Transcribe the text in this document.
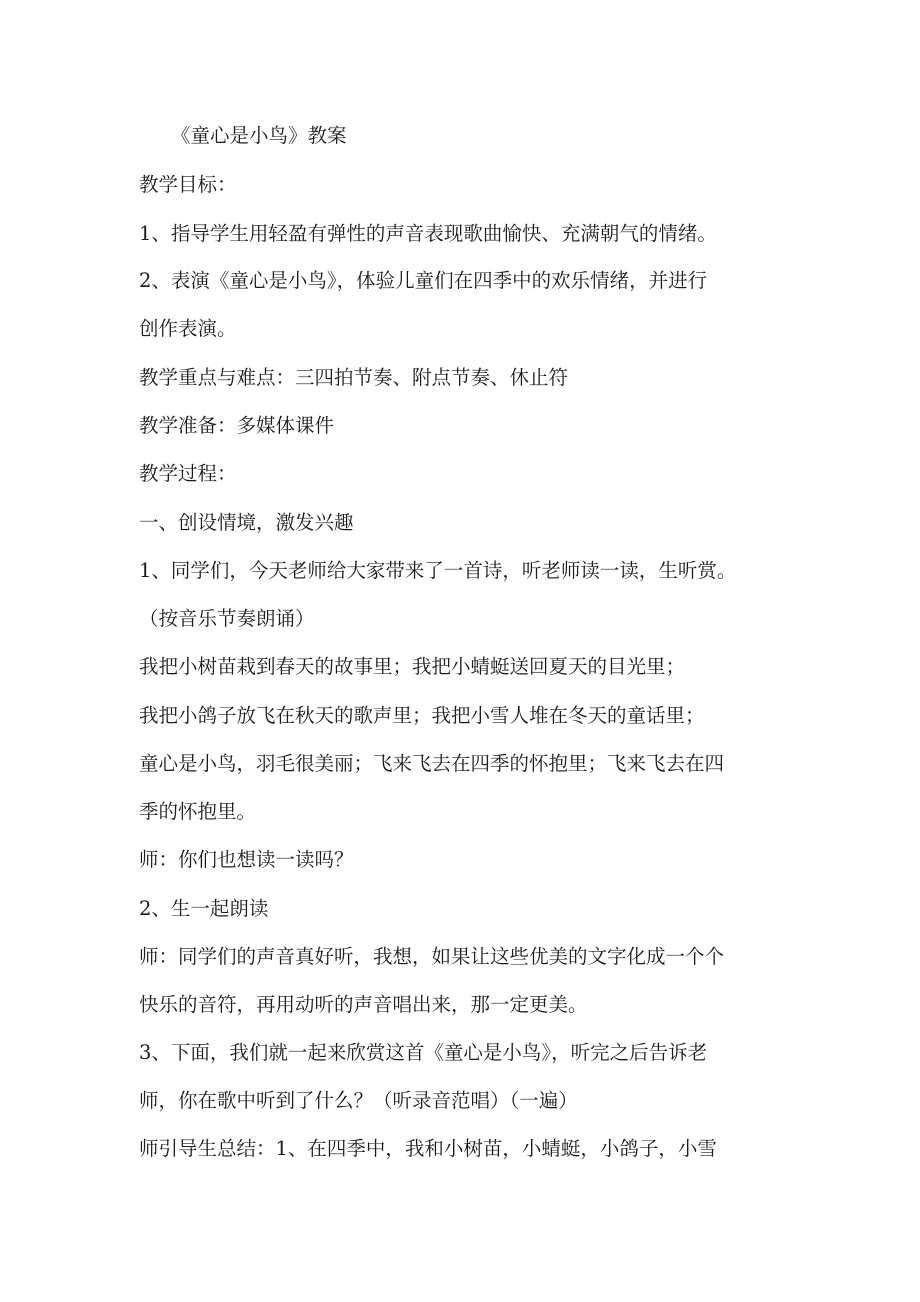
《童心是小鸟》教案

教学目标：

1、指导学生用轻盈有弹性的声音表现歌曲愉快、充满朝气的情绪。

2、表演《童心是小鸟》，体验儿童们在四季中的欢乐情绪，并进行

创作表演。

教学重点与难点：三四拍节奏、附点节奏、休止符

教学准备：多媒体课件

教学过程：

一、创设情境，激发兴趣

1、同学们，今天老师给大家带来了一首诗，听老师读一读，生听赏。

（按音乐节奏朗诵）

我把小树苗栽到春天的故事里；我把小蜻蜓送回夏天的目光里；

我把小鸽子放飞在秋天的歌声里；我把小雪人堆在冬天的童话里；

童心是小鸟，羽毛很美丽；飞来飞去在四季的怀抱里；飞来飞去在四

季的怀抱里。

师：你们也想读一读吗？

2、生一起朗读

师：同学们的声音真好听，我想，如果让这些优美的文字化成一个个

快乐的音符，再用动听的声音唱出来，那一定更美。

3、下面，我们就一起来欣赏这首《童心是小鸟》，听完之后告诉老

师，你在歌中听到了什么？（听录音范唱）（一遍）

师引导生总结：1、在四季中，我和小树苗，小蜻蜓，小鸽子，小雪
